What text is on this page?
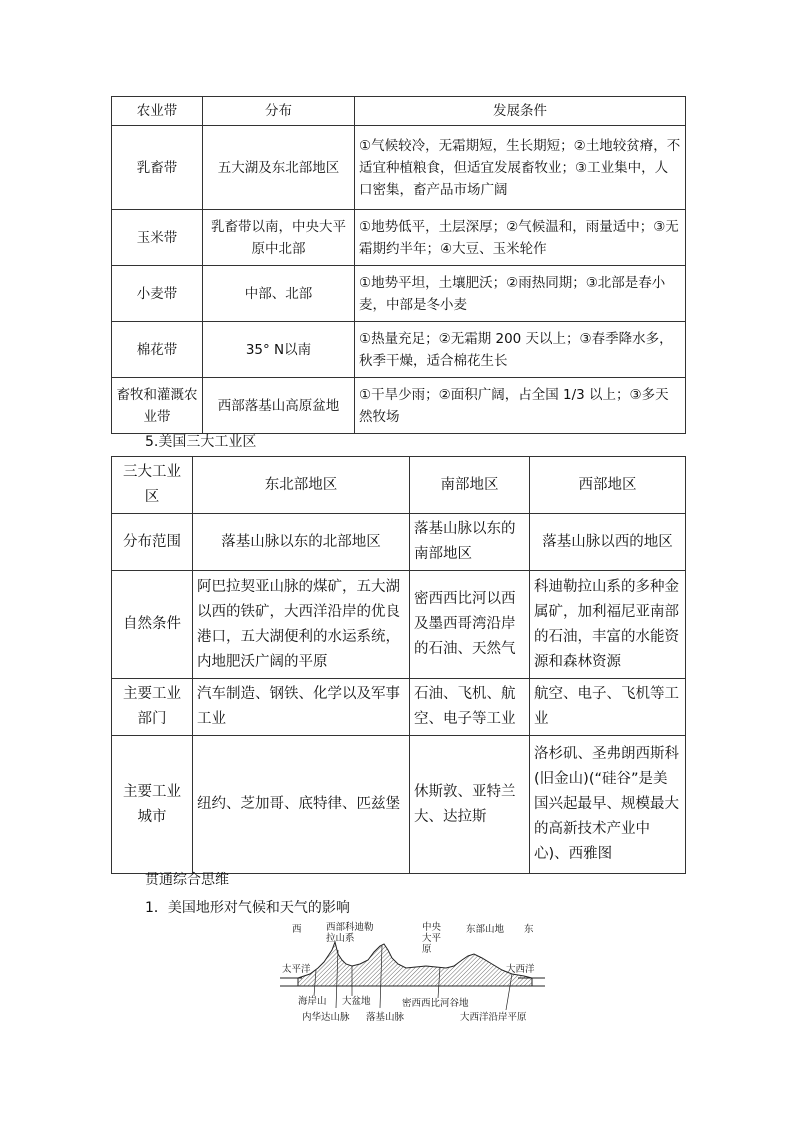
农业带	分布	发展条件
乳畜带	五大湖及东北部地区	①气候较冷，无霜期短，生长期短；②土地较贫瘠，不适宜种植粮食，但适宜发展畜牧业；③工业集中，人口密集，畜产品市场广阔
玉米带	乳畜带以南，中央大平原中北部	①地势低平，土层深厚；②气候温和，雨量适中；③无霜期约半年；④大豆、玉米轮作
小麦带	中部、北部	①地势平坦，土壤肥沃；②雨热同期；③北部是春小麦，中部是冬小麦
棉花带	35° N以南	①热量充足；②无霜期 200 天以上；③春季降水多，秋季干燥，适合棉花生长
畜牧和灌溉农业带	西部落基山高原盆地	①干旱少雨；②面积广阔，占全国 1/3 以上；③多天然牧场
5.美国三大工业区
三大工业区	东北部地区	南部地区	西部地区
分布范围	落基山脉以东的北部地区	落基山脉以东的南部地区	落基山脉以西的地区
自然条件	阿巴拉契亚山脉的煤矿，五大湖以西的铁矿，大西洋沿岸的优良港口，五大湖便利的水运系统，内地肥沃广阔的平原	密西西比河以西及墨西哥湾沿岸的石油、天然气	科迪勒拉山系的多种金属矿，加利福尼亚南部的石油，丰富的水能资源和森林资源
主要工业部门	汽车制造、钢铁、化学以及军事工业	石油、飞机、航空、电子等工业	航空、电子、飞机等工业
主要工业城市	纽约、芝加哥、底特律、匹兹堡	休斯敦、亚特兰大、达拉斯	洛杉矶、圣弗朗西斯科(旧金山)(“硅谷”是美国兴起最早、规模最大的高新技术产业中心)、西雅图
贯通综合思维
1．美国地形对气候和天气的影响
西	西部科迪勒拉山系
中央大平原
东部山地 东
太平洋	大西洋
海岸山 大盆地	密西西比河谷地
内华达山脉 落基山脉	大西洋沿岸平原
